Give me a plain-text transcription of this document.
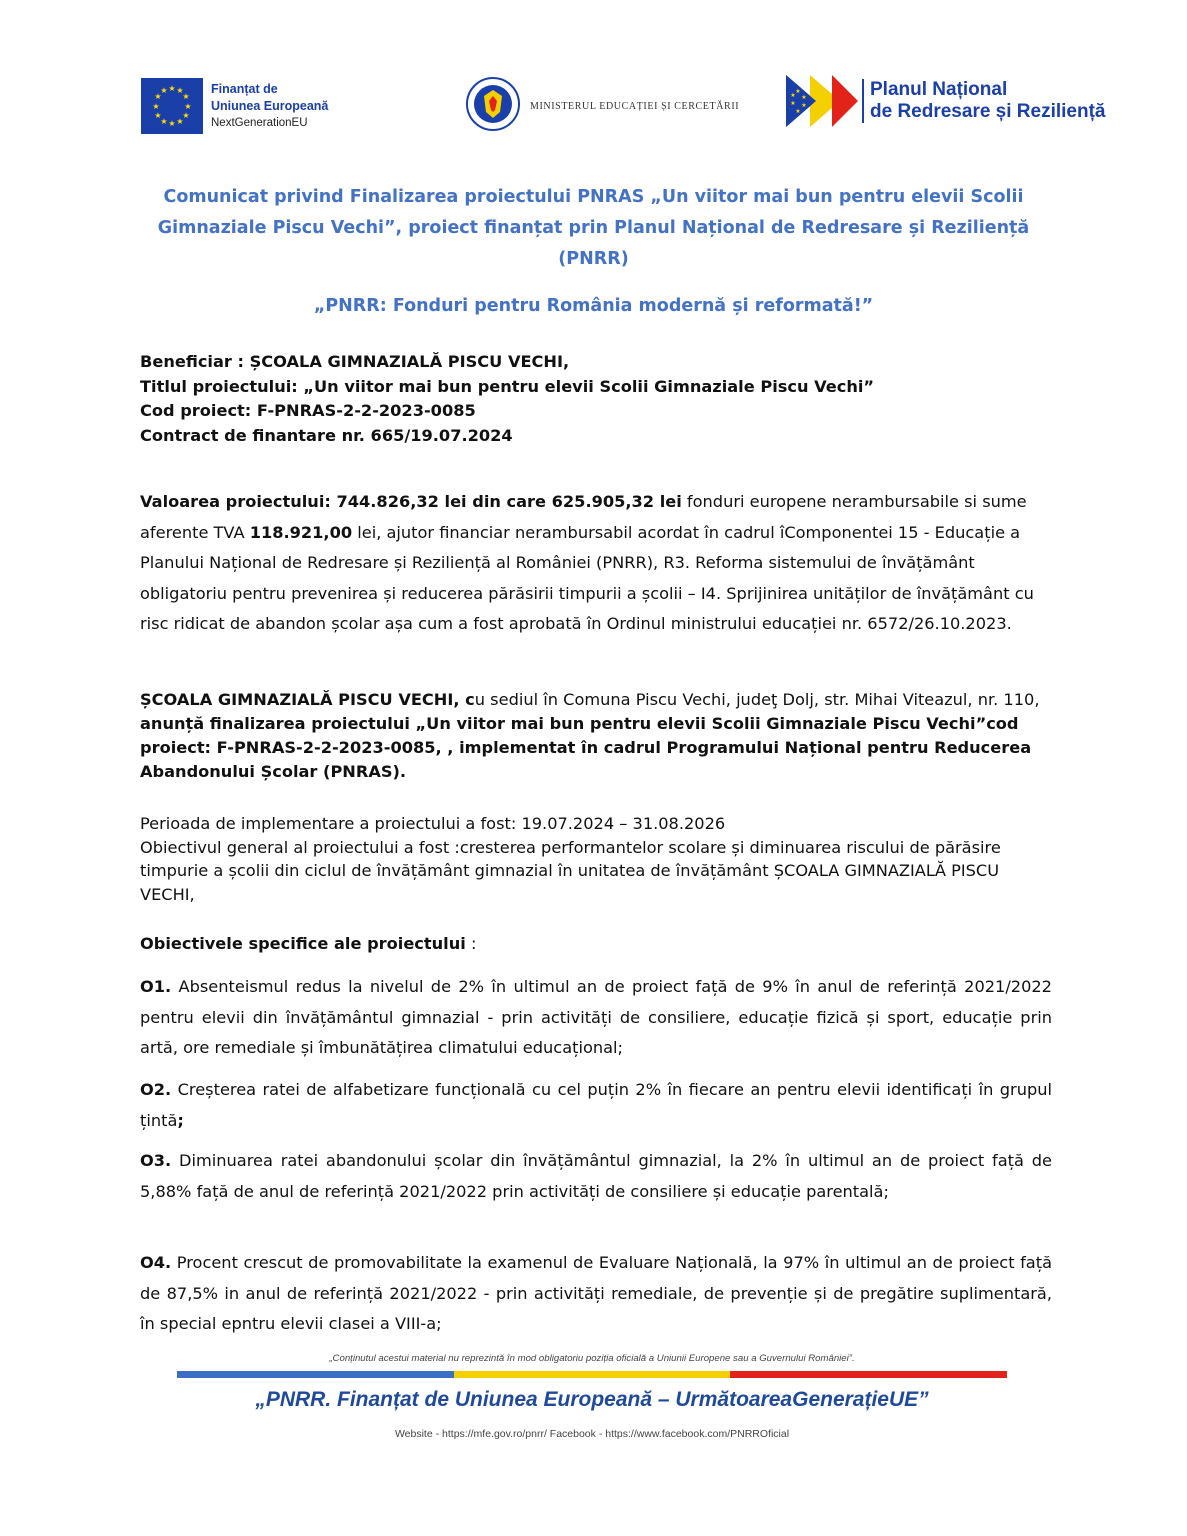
★ ★
★
★
★
★
★
★
★
★
★
★	Finanțat de
Uniunea Europeană
NextGenerationEU
MINISTERUL EDUCAȚIEI ȘI CERCETĂRII
★
★
★
★
★
★	Planul Național
de Redresare și Reziliență
Comunicat privind Finalizarea proiectului PNRAS „Un viitor mai bun pentru elevii Scolii Gimnaziale Piscu Vechi”, proiect finanțat prin Planul Național de Redresare și Reziliență (PNRR)
„PNRR: Fonduri pentru România modernă și reformată!”
Beneficiar : ȘCOALA GIMNAZIALĂ PISCU VECHI,
Titlul proiectului: „Un viitor mai bun pentru elevii Scolii Gimnaziale Piscu Vechi”
Cod proiect: F-PNRAS-2-2-2023-0085
Contract de finantare nr. 665/19.07.2024
Valoarea proiectului: 744.826,32 lei din care 625.905,32 lei fonduri europene nerambursabile si sume aferente TVA 118.921,00 lei, ajutor financiar nerambursabil acordat în cadrul îComponentei 15 - Educație a Planului Național de Redresare și Reziliență al României (PNRR), R3. Reforma sistemului de învățământ obligatoriu pentru prevenirea și reducerea părăsirii timpurii a școlii – I4. Sprijinirea unităților de învățământ cu risc ridicat de abandon școlar așa cum a fost aprobată în Ordinul ministrului educației nr. 6572/26.10.2023.
ȘCOALA GIMNAZIALĂ PISCU VECHI, cu sediul în Comuna Piscu Vechi, judeţ Dolj, str. Mihai Viteazul, nr. 110, anunță finalizarea proiectului „Un viitor mai bun pentru elevii Scolii Gimnaziale Piscu Vechi”cod proiect: F-PNRAS-2-2-2023-0085, , implementat în cadrul Programului Național pentru Reducerea Abandonului Școlar (PNRAS).
Perioada de implementare a proiectului a fost: 19.07.2024 – 31.08.2026
Obiectivul general al proiectului a fost :cresterea performantelor scolare și diminuarea riscului de părăsire timpurie a școlii din ciclul de învățământ gimnazial în unitatea de învățământ ȘCOALA GIMNAZIALĂ PISCU VECHI,
Obiectivele specifice ale proiectului :
O1. Absenteismul redus la nivelul de 2% în ultimul an de proiect față de 9% în anul de referință 2021/2022 pentru elevii din învățământul gimnazial - prin activități de consiliere, educație fizică și sport, educație prin artă, ore remediale și îmbunătățirea climatului educațional;
O2. Creșterea ratei de alfabetizare funcțională cu cel puțin 2% în fiecare an pentru elevii identificați în grupul țintă;
O3. Diminuarea ratei abandonului școlar din învățământul gimnazial, la 2% în ultimul an de proiect față de 5,88% față de anul de referință 2021/2022 prin activități de consiliere și educație parentală;
O4. Procent crescut de promovabilitate la examenul de Evaluare Națională, la 97% în ultimul an de proiect față de 87,5% in anul de referință 2021/2022 - prin activități remediale, de prevenție și de pregătire suplimentară, în special epntru elevii clasei a VIII-a;
„Conținutul acestui material nu reprezintă în mod obligatoriu poziția oficială a Uniunii Europene sau a Guvernului României”.
„PNRR. Finanțat de Uniunea Europeană – UrmătoareaGenerațieUE”
Website - https://mfe.gov.ro/pnrr/ Facebook - https://www.facebook.com/PNRROficial
